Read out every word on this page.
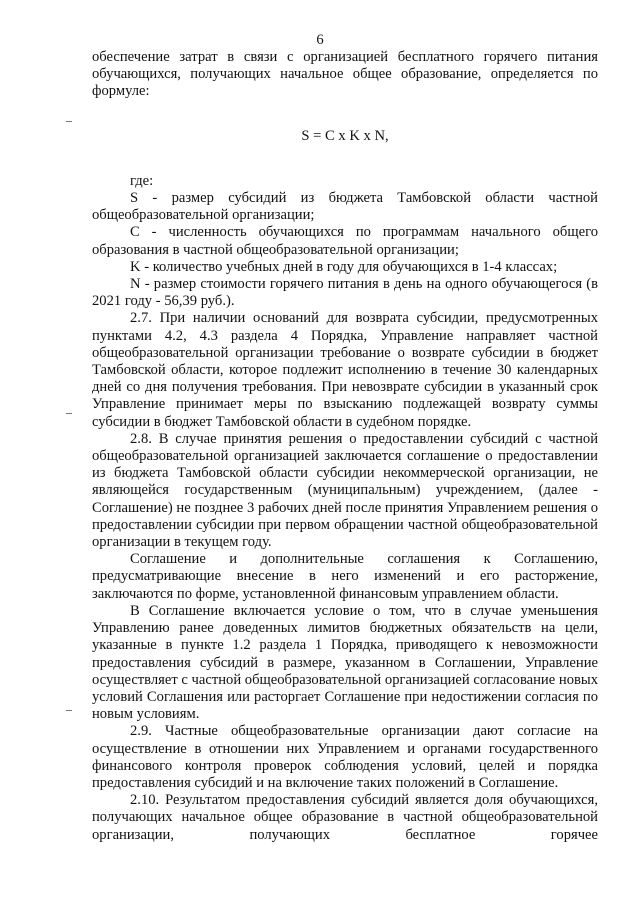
6

обеспечение затрат в связи с организацией бесплатного горячего питания обучающихся, получающих начальное общее образование, определяется по формуле:

S = C x K x N,

где:

S - размер субсидий из бюджета Тамбовской области частной общеобразовательной организации;

C - численность обучающихся по программам начального общего образования в частной общеобразовательной организации;

K - количество учебных дней в году для обучающихся в 1-4 классах;

N - размер стоимости горячего питания в день на одного обучающегося (в 2021 году - 56,39 руб.).

2.7. При наличии оснований для возврата субсидии, предусмотренных пунктами 4.2, 4.3 раздела 4 Порядка, Управление направляет частной общеобразовательной организации требование о возврате субсидии в бюджет Тамбовской области, которое подлежит исполнению в течение 30 календарных дней со дня получения требования. При невозврате субсидии в указанный срок Управление принимает меры по взысканию подлежащей возврату суммы субсидии в бюджет Тамбовской области в судебном порядке.

2.8. В случае принятия решения о предоставлении субсидий с частной общеобразовательной организацией заключается соглашение о предоставлении из бюджета Тамбовской области субсидии некоммерческой организации, не являющейся государственным (муниципальным) учреждением, (далее - Соглашение) не позднее 3 рабочих дней после принятия Управлением решения о предоставлении субсидии при первом обращении частной общеобразовательной организации в текущем году.

Соглашение и дополнительные соглашения к Соглашению, предусматривающие внесение в него изменений и его расторжение, заключаются по форме, установленной финансовым управлением области.

В Соглашение включается условие о том, что в случае уменьшения Управлению ранее доведенных лимитов бюджетных обязательств на цели, указанные в пункте 1.2 раздела 1 Порядка, приводящего к невозможности предоставления субсидий в размере, указанном в Соглашении, Управление осуществляет с частной общеобразовательной организацией согласование новых условий Соглашения или расторгает Соглашение при недостижении согласия по новым условиям.

2.9. Частные общеобразовательные организации дают согласие на осуществление в отношении них Управлением и органами государственного финансового контроля проверок соблюдения условий, целей и порядка предоставления субсидий и на включение таких положений в Соглашение.

2.10. Результатом предоставления субсидий является доля обучающихся, получающих начальное общее образование в частной общеобразовательной организации, получающих бесплатное горячее
